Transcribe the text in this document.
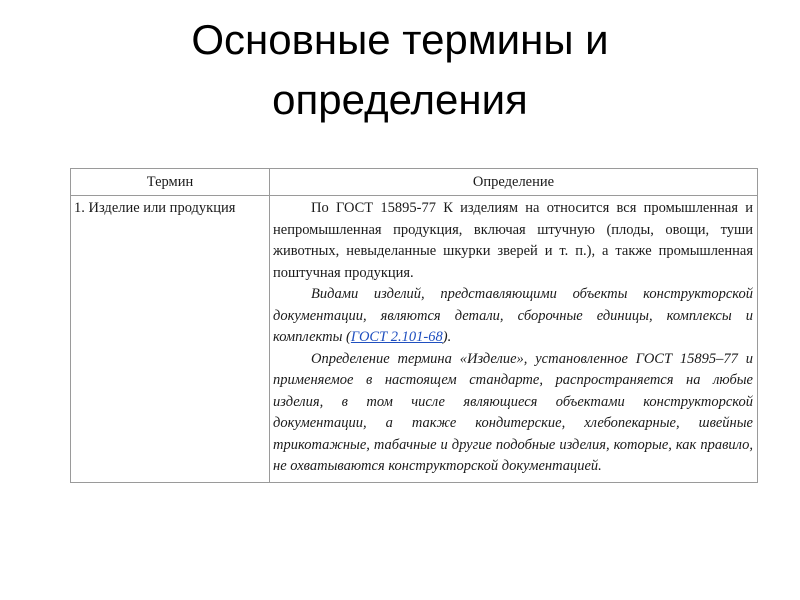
Основные термины и
определения
Термин	Определение
1. Изделие или продукция	По ГОСТ 15895-77 К изделиям на относится вся промышленная и непромышленная продукция, включая штучную (плоды, овощи, туши животных, невыделанные шкурки зверей и т. п.), а также промышленная поштучная продукция.

Видами изделий, представляющими объекты конструкторской документации, являются детали, сборочные единицы, комплексы и комплекты (ГОСТ 2.101-68).

Определение термина «Изделие», установленное ГОСТ 15895–77 и применяемое в настоящем стандарте, распространяется на любые изделия, в том числе являющиеся объектами конструкторской документации, а также кондитерские, хлебопекарные, швейные трикотажные, табачные и другие подобные изделия, которые, как правило, не охватываются конструкторской документацией.
